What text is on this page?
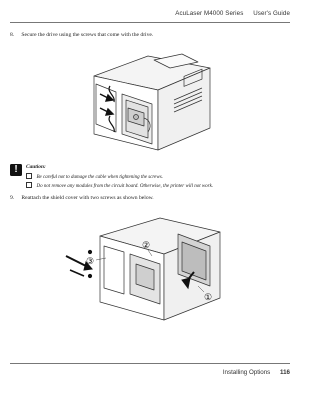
AcuLaser M4000 Series User's Guide
8. Secure the drive using the screws that come with the drive.
!	Caution:
Be careful not to damage the cable when tightening the screws.
Do not remove any modules from the circuit board. Otherwise, the printer will not work.
9. Reattach the shield cover with two screws as shown below.
③
②
①
Installing Options 116
